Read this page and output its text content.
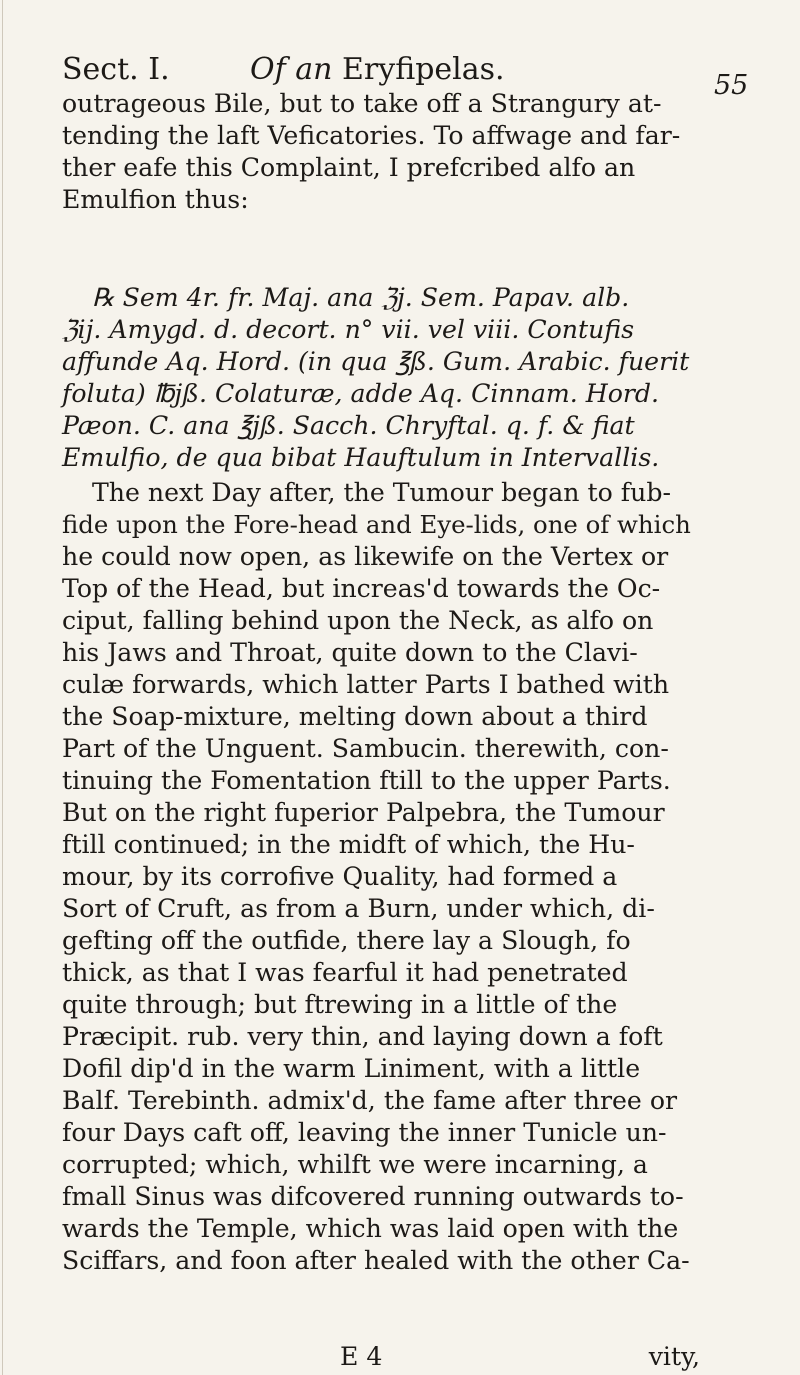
Sect. I.	Of an Eryfipelas.	55
outrageous Bile, but to take off a Strangury at-
tending the laft Veficatories. To affwage and far-
ther eafe this Complaint, I prefcribed alfo an
Emulfion thus:
℞ Sem 4r. fr. Maj. ana ℨj. Sem. Papav. alb.
ℨij. Amygd. d. decort. n° vii. vel viii. Contufis
affunde Aq. Hord. (in qua ℥ß. Gum. Arabic. fuerit
foluta) ℔jß. Colaturæ, adde Aq. Cinnam. Hord.
Pæon. C. ana ℥jß. Sacch. Chryftal. q. f. & fiat
Emulfio, de qua bibat Hauftulum in Intervallis.
The next Day after, the Tumour began to fub-
fide upon the Fore-head and Eye-lids, one of which
he could now open, as likewife on the Vertex or
Top of the Head, but increas'd towards the Oc-
ciput, falling behind upon the Neck, as alfo on
his Jaws and Throat, quite down to the Clavi-
culæ forwards, which latter Parts I bathed with
the Soap-mixture, melting down about a third
Part of the Unguent. Sambucin. therewith, con-
tinuing the Fomentation ftill to the upper Parts.
But on the right fuperior Palpebra, the Tumour
ftill continued; in the midft of which, the Hu-
mour, by its corrofive Quality, had formed a
Sort of Cruft, as from a Burn, under which, di-
gefting off the outfide, there lay a Slough, fo
thick, as that I was fearful it had penetrated
quite through; but ftrewing in a little of the
Præcipit. rub. very thin, and laying down a foft
Dofil dip'd in the warm Liniment, with a little
Balf. Terebinth. admix'd, the fame after three or
four Days caft off, leaving the inner Tunicle un-
corrupted; which, whilft we were incarning, a
fmall Sinus was difcovered running outwards to-
wards the Temple, which was laid open with the
Sciffars, and foon after healed with the other Ca-
E 4	vity,
